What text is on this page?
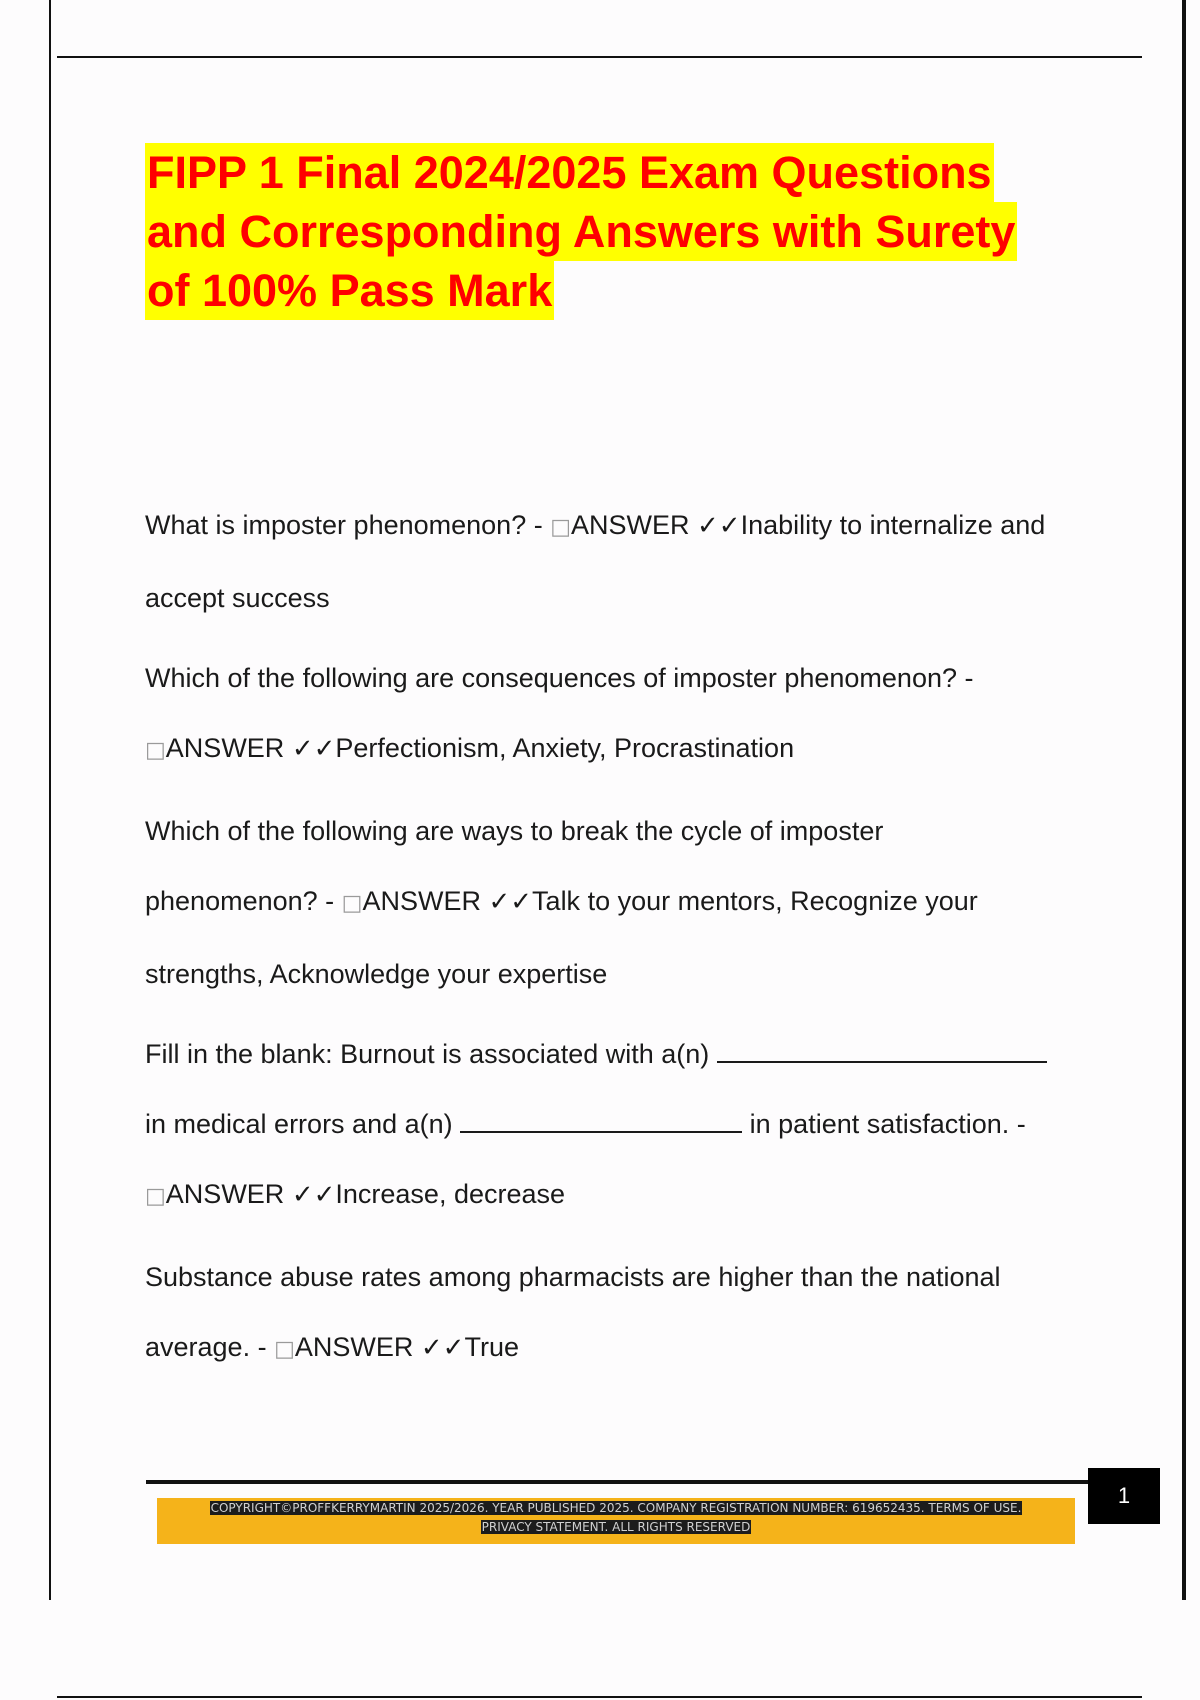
FIPP 1 Final 2024/2025 Exam Questions
and Corresponding Answers with Surety
of 100% Pass Mark
What is imposter phenomenon? - □ANSWER ✓✓Inability to internalize and
accept success
Which of the following are consequences of imposter phenomenon? -
□ANSWER ✓✓Perfectionism, Anxiety, Procrastination
Which of the following are ways to break the cycle of imposter
phenomenon? - □ANSWER ✓✓Talk to your mentors, Recognize your
strengths, Acknowledge your expertise
Fill in the blank: Burnout is associated with a(n)
in medical errors and a(n)	in patient satisfaction. -
□ANSWER ✓✓Increase, decrease
Substance abuse rates among pharmacists are higher than the national
average. - □ANSWER ✓✓True
1
COPYRIGHT©PROFFKERRYMARTIN 2025/2026. YEAR PUBLISHED 2025. COMPANY REGISTRATION NUMBER: 619652435. TERMS OF USE.
PRIVACY STATEMENT. ALL RIGHTS RESERVED
